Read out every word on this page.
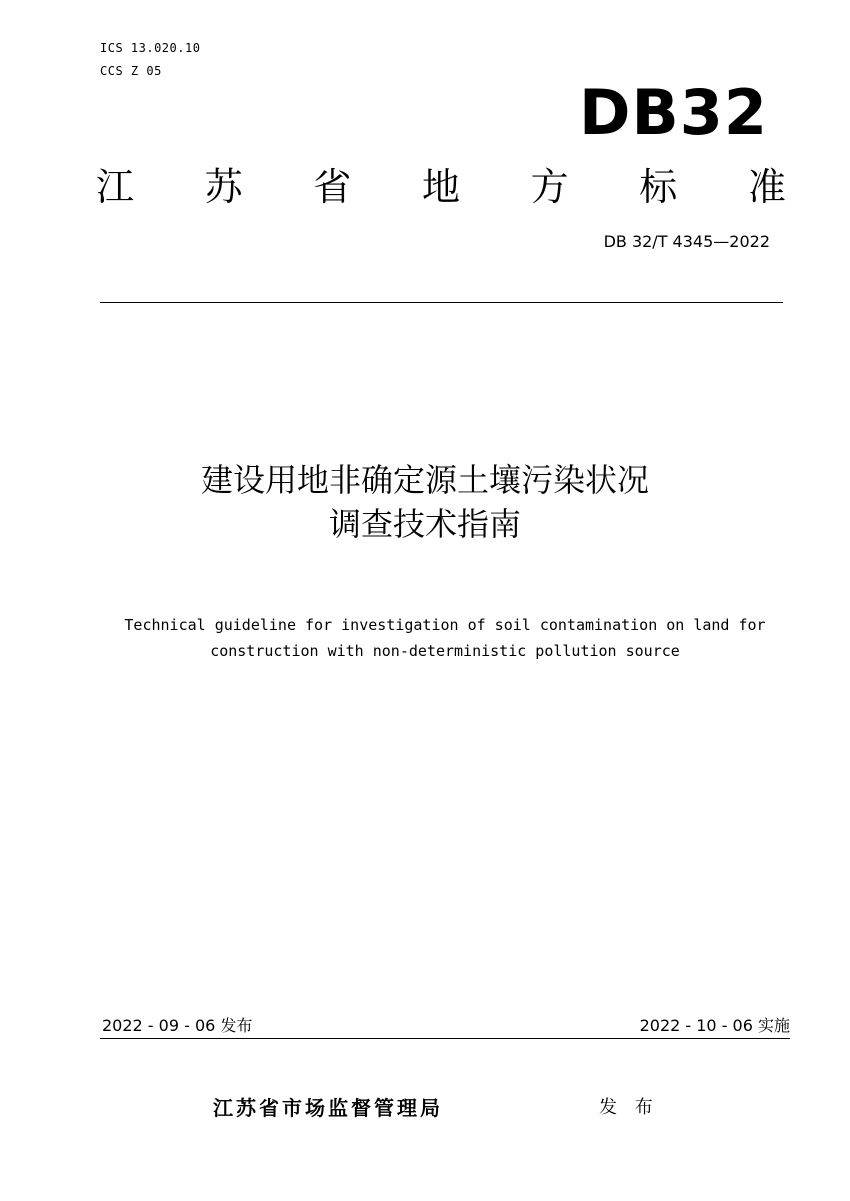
ICS 13.020.10
CCS Z 05
DB32
江 苏 省 地 方 标 准
DB 32/T 4345—2022
建设用地非确定源土壤污染状况
调查技术指南
Technical guideline for investigation of soil contamination on land for
construction with non-deterministic pollution source
2022 - 09 - 06 发布	2022 - 10 - 06 实施
江苏省市场监督管理局	发 布
